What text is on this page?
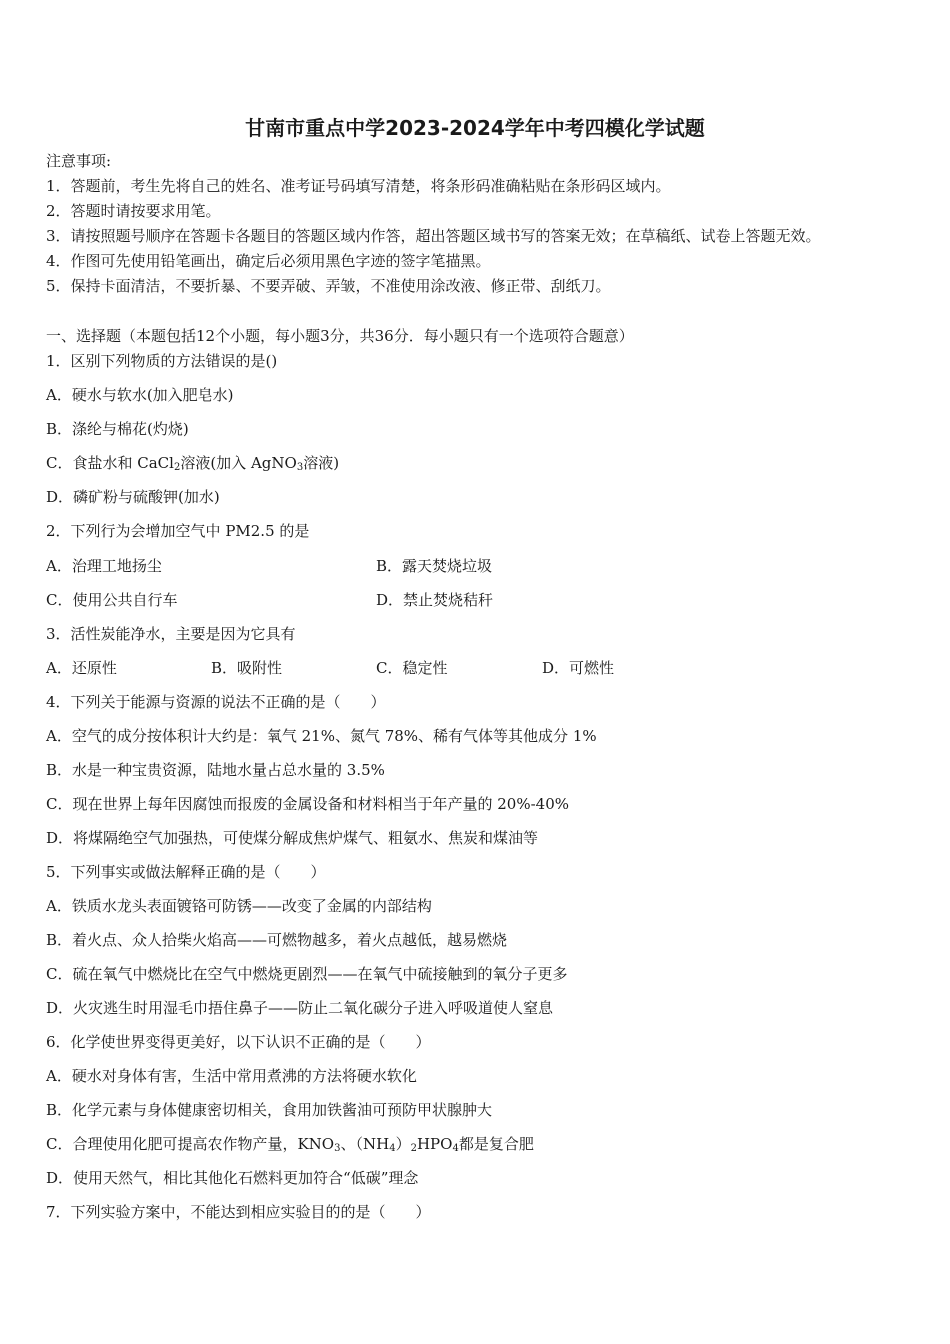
甘南市重点中学2023-2024学年中考四模化学试题
注意事项:
1．答题前，考生先将自己的姓名、准考证号码填写清楚，将条形码准确粘贴在条形码区域内。
2．答题时请按要求用笔。
3．请按照题号顺序在答题卡各题目的答题区域内作答，超出答题区域书写的答案无效；在草稿纸、试卷上答题无效。
4．作图可先使用铅笔画出，确定后必须用黑色字迹的签字笔描黑。
5．保持卡面清洁，不要折暴、不要弄破、弄皱，不准使用涂改液、修正带、刮纸刀。
一、选择题（本题包括12个小题，每小题3分，共36分．每小题只有一个选项符合题意）
1．区别下列物质的方法错误的是()
A．硬水与软水(加入肥皂水)
B．涤纶与棉花(灼烧)
C．食盐水和 CaCl$_2$溶液(加入 AgNO$_3$溶液)
D．磷矿粉与硫酸钾(加水)
2．下列行为会增加空气中 PM2.5 的是
A．治理工地扬尘	B．露天焚烧垃圾
C．使用公共自行车	D．禁止焚烧秸秆
3．活性炭能净水，主要是因为它具有
A．还原性	B．吸附性	C．稳定性	D．可燃性
4．下列关于能源与资源的说法不正确的是（　　）
A．空气的成分按体积计大约是：氧气 21%、氮气 78%、稀有气体等其他成分 1%
B．水是一种宝贵资源，陆地水量占总水量的 3.5%
C．现在世界上每年因腐蚀而报废的金属设备和材料相当于年产量的 20%-40%
D．将煤隔绝空气加强热，可使煤分解成焦炉煤气、粗氨水、焦炭和煤油等
5．下列事实或做法解释正确的是（　　）
A．铁质水龙头表面镀铬可防锈——改变了金属的内部结构
B．着火点、众人拾柴火焰高——可燃物越多，着火点越低，越易燃烧
C．硫在氧气中燃烧比在空气中燃烧更剧烈——在氧气中硫接触到的氧分子更多
D．火灾逃生时用湿毛巾捂住鼻子——防止二氧化碳分子进入呼吸道使人窒息
6．化学使世界变得更美好，以下认识不正确的是（　　）
A．硬水对身体有害，生活中常用煮沸的方法将硬水软化
B．化学元素与身体健康密切相关，食用加铁酱油可预防甲状腺肿大
C．合理使用化肥可提高农作物产量，$KNO_3$、$(NH_4)_2HPO_4$都是复合肥
D．使用天然气，相比其他化石燃料更加符合“低碳”理念
7．下列实验方案中，不能达到相应实验目的的是（　　）
